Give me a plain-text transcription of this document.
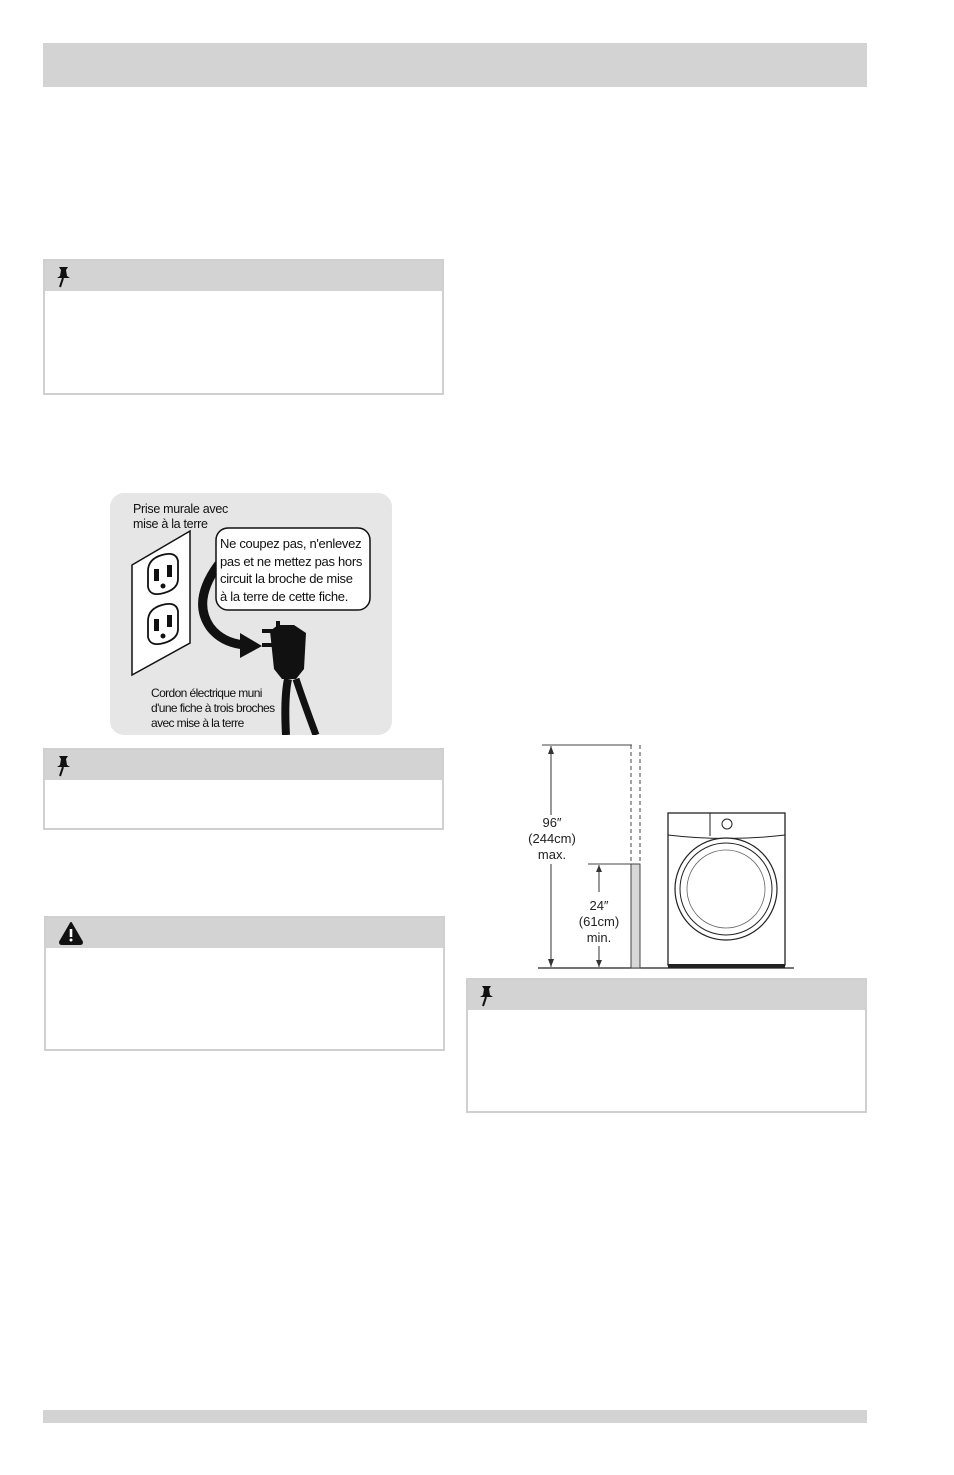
Prise murale avec
mise à la terre
Ne coupez pas, n'enlevez
pas et ne mettez pas hors
circuit la broche de mise
à la terre de cette fiche.
Cordon électrique muni
d'une fiche à trois broches
avec mise à la terre
96″
(244cm)
max.
24″
(61cm)
min.
